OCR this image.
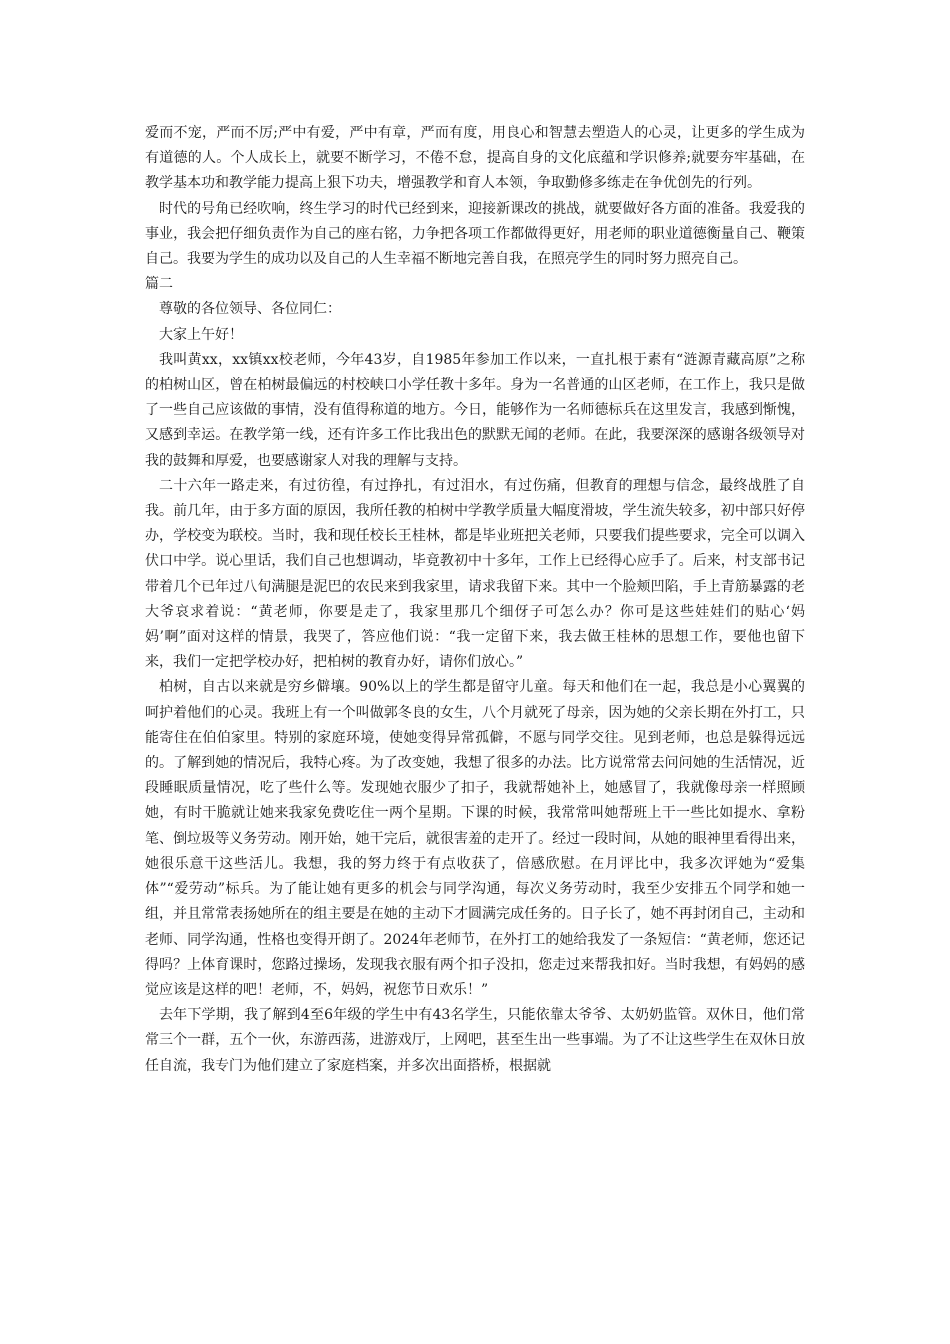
爱而不宠，严而不厉;严中有爱，严中有章，严而有度，用良心和智慧去塑造人的心灵，让更多的学生成为有道德的人。个人成长上，就要不断学习，不倦不怠，提高自身的文化底蕴和学识修养;就要夯牢基础，在教学基本功和教学能力提高上狠下功夫，增强教学和育人本领，争取勤修多练走在争优创先的行列。

时代的号角已经吹响，终生学习的时代已经到来，迎接新课改的挑战，就要做好各方面的准备。我爱我的事业，我会把仔细负责作为自己的座右铭，力争把各项工作都做得更好，用老师的职业道德衡量自己、鞭策自己。我要为学生的成功以及自己的人生幸福不断地完善自我，在照亮学生的同时努力照亮自己。

篇二

尊敬的各位领导、各位同仁：

大家上午好！

我叫黄xx，xx镇xx校老师，今年43岁，自1985年参加工作以来，一直扎根于素有“涟源青藏高原”之称的柏树山区，曾在柏树最偏远的村校峡口小学任教十多年。身为一名普通的山区老师，在工作上，我只是做了一些自己应该做的事情，没有值得称道的地方。今日，能够作为一名师德标兵在这里发言，我感到惭愧，又感到幸运。在教学第一线，还有许多工作比我出色的默默无闻的老师。在此，我要深深的感谢各级领导对我的鼓舞和厚爱，也要感谢家人对我的理解与支持。

二十六年一路走来，有过彷徨，有过挣扎，有过泪水，有过伤痛，但教育的理想与信念，最终战胜了自我。前几年，由于多方面的原因，我所任教的柏树中学教学质量大幅度滑坡，学生流失较多，初中部只好停办，学校变为联校。当时，我和现任校长王桂林，都是毕业班把关老师，只要我们提些要求，完全可以调入伏口中学。说心里话，我们自己也想调动，毕竟教初中十多年，工作上已经得心应手了。后来，村支部书记带着几个已年过八旬满腿是泥巴的农民来到我家里，请求我留下来。其中一个脸颊凹陷，手上青筋暴露的老大爷哀求着说：“黄老师，你要是走了，我家里那几个细伢子可怎么办？你可是这些娃娃们的贴心‘妈妈’啊”面对这样的情景，我哭了，答应他们说：“我一定留下来，我去做王桂林的思想工作，要他也留下来，我们一定把学校办好，把柏树的教育办好，请你们放心。”

柏树，自古以来就是穷乡僻壤。90%以上的学生都是留守儿童。每天和他们在一起，我总是小心翼翼的呵护着他们的心灵。我班上有一个叫做郭冬良的女生，八个月就死了母亲，因为她的父亲长期在外打工，只能寄住在伯伯家里。特别的家庭环境，使她变得异常孤僻，不愿与同学交往。见到老师，也总是躲得远远的。了解到她的情况后，我特心疼。为了改变她，我想了很多的办法。比方说常常去问问她的生活情况，近段睡眠质量情况，吃了些什么等。发现她衣服少了扣子，我就帮她补上，她感冒了，我就像母亲一样照顾她，有时干脆就让她来我家免费吃住一两个星期。下课的时候，我常常叫她帮班上干一些比如提水、拿粉笔、倒垃圾等义务劳动。刚开始，她干完后，就很害羞的走开了。经过一段时间，从她的眼神里看得出来，她很乐意干这些活儿。我想，我的努力终于有点收获了，倍感欣慰。在月评比中，我多次评她为“爱集体”“爱劳动”标兵。为了能让她有更多的机会与同学沟通，每次义务劳动时，我至少安排五个同学和她一组，并且常常表扬她所在的组主要是在她的主动下才圆满完成任务的。日子长了，她不再封闭自己，主动和老师、同学沟通，性格也变得开朗了。2024年老师节，在外打工的她给我发了一条短信：“黄老师，您还记得吗？上体育课时，您路过操场，发现我衣服有两个扣子没扣，您走过来帮我扣好。当时我想，有妈妈的感觉应该是这样的吧！老师，不，妈妈，祝您节日欢乐！”

去年下学期，我了解到4至6年级的学生中有43名学生，只能依靠太爷爷、太奶奶监管。双休日，他们常常三个一群，五个一伙，东游西荡，进游戏厅，上网吧，甚至生出一些事端。为了不让这些学生在双休日放任自流，我专门为他们建立了家庭档案，并多次出面搭桥，根据就
